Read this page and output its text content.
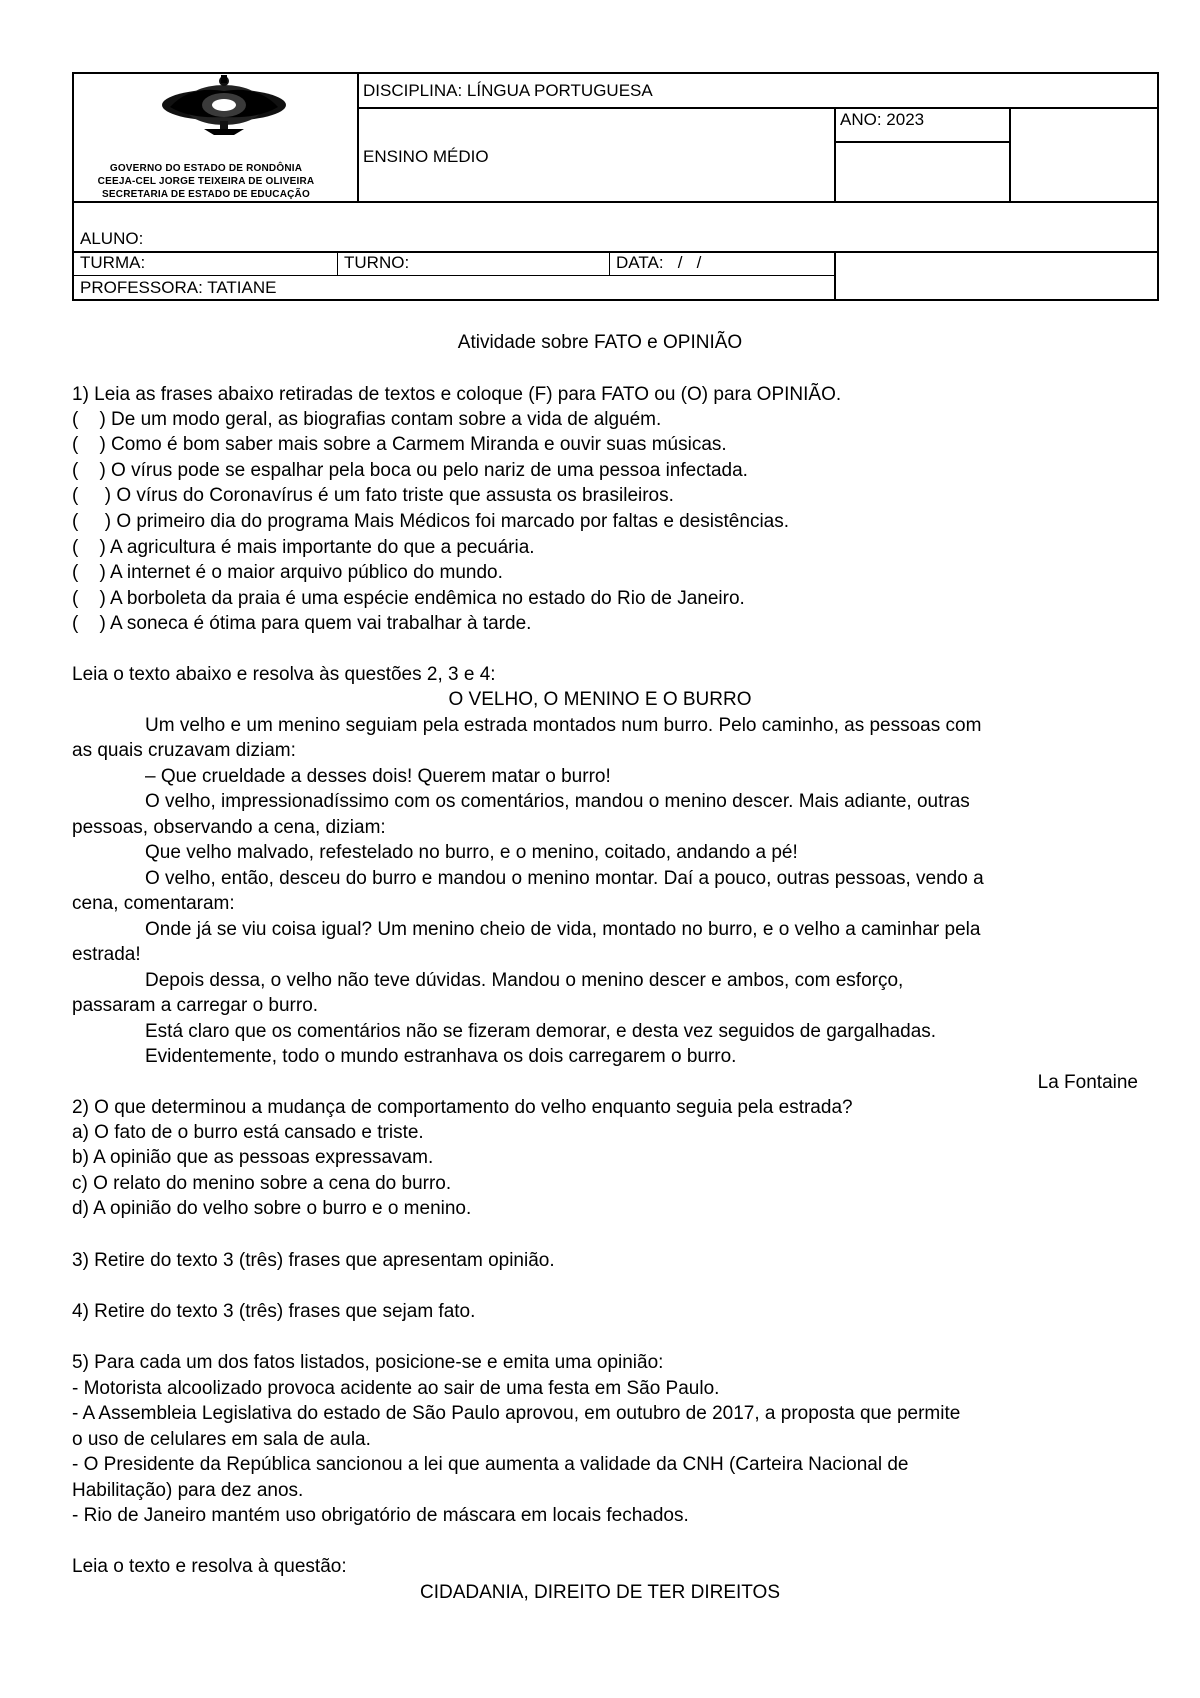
GOVERNO DO ESTADO DE RONDÔNIA
CEEJA-CEL JORGE TEIXEIRA DE OLIVEIRA
SECRETARIA DE ESTADO DE EDUCAÇÃO
DISCIPLINA: LÍNGUA PORTUGUESA
ENSINO MÉDIO
ANO: 2023
ALUNO:
TURMA:	TURNO:	DATA:   /   /
PROFESSORA: TATIANE
Atividade sobre FATO e OPINIÃO
1) Leia as frases abaixo retiradas de textos e coloque (F) para FATO ou (O) para OPINIÃO.
(    ) De um modo geral, as biografias contam sobre a vida de alguém.
(    ) Como é bom saber mais sobre a Carmem Miranda e ouvir suas músicas.
(    ) O vírus pode se espalhar pela boca ou pelo nariz de uma pessoa infectada.
(     ) O vírus do Coronavírus é um fato triste que assusta os brasileiros.
(     ) O primeiro dia do programa Mais Médicos foi marcado por faltas e desistências.
(    ) A agricultura é mais importante do que a pecuária.
(    ) A internet é o maior arquivo público do mundo.
(    ) A borboleta da praia é uma espécie endêmica no estado do Rio de Janeiro.
(    ) A soneca é ótima para quem vai trabalhar à tarde.
Leia o texto abaixo e resolva às questões 2, 3 e 4:
O VELHO, O MENINO E O BURRO
Um velho e um menino seguiam pela estrada montados num burro. Pelo caminho, as pessoas com
as quais cruzavam diziam:
– Que crueldade a desses dois! Querem matar o burro!
O velho, impressionadíssimo com os comentários, mandou o menino descer. Mais adiante, outras
pessoas, observando a cena, diziam:
Que velho malvado, refestelado no burro, e o menino, coitado, andando a pé!
O velho, então, desceu do burro e mandou o menino montar. Daí a pouco, outras pessoas, vendo a
cena, comentaram:
Onde já se viu coisa igual? Um menino cheio de vida, montado no burro, e o velho a caminhar pela
estrada!
Depois dessa, o velho não teve dúvidas. Mandou o menino descer e ambos, com esforço,
passaram a carregar o burro.
Está claro que os comentários não se fizeram demorar, e desta vez seguidos de gargalhadas.
Evidentemente, todo o mundo estranhava os dois carregarem o burro.
La Fontaine
2) O que determinou a mudança de comportamento do velho enquanto seguia pela estrada?
a) O fato de o burro está cansado e triste.
b) A opinião que as pessoas expressavam.
c) O relato do menino sobre a cena do burro.
d) A opinião do velho sobre o burro e o menino.
3) Retire do texto 3 (três) frases que apresentam opinião.
4) Retire do texto 3 (três) frases que sejam fato.
5) Para cada um dos fatos listados, posicione-se e emita uma opinião:
- Motorista alcoolizado provoca acidente ao sair de uma festa em São Paulo.
- A Assembleia Legislativa do estado de São Paulo aprovou, em outubro de 2017, a proposta que permite
o uso de celulares em sala de aula.
- O Presidente da República sancionou a lei que aumenta a validade da CNH (Carteira Nacional de
Habilitação) para dez anos.
- Rio de Janeiro mantém uso obrigatório de máscara em locais fechados.
Leia o texto e resolva à questão:
CIDADANIA, DIREITO DE TER DIREITOS
